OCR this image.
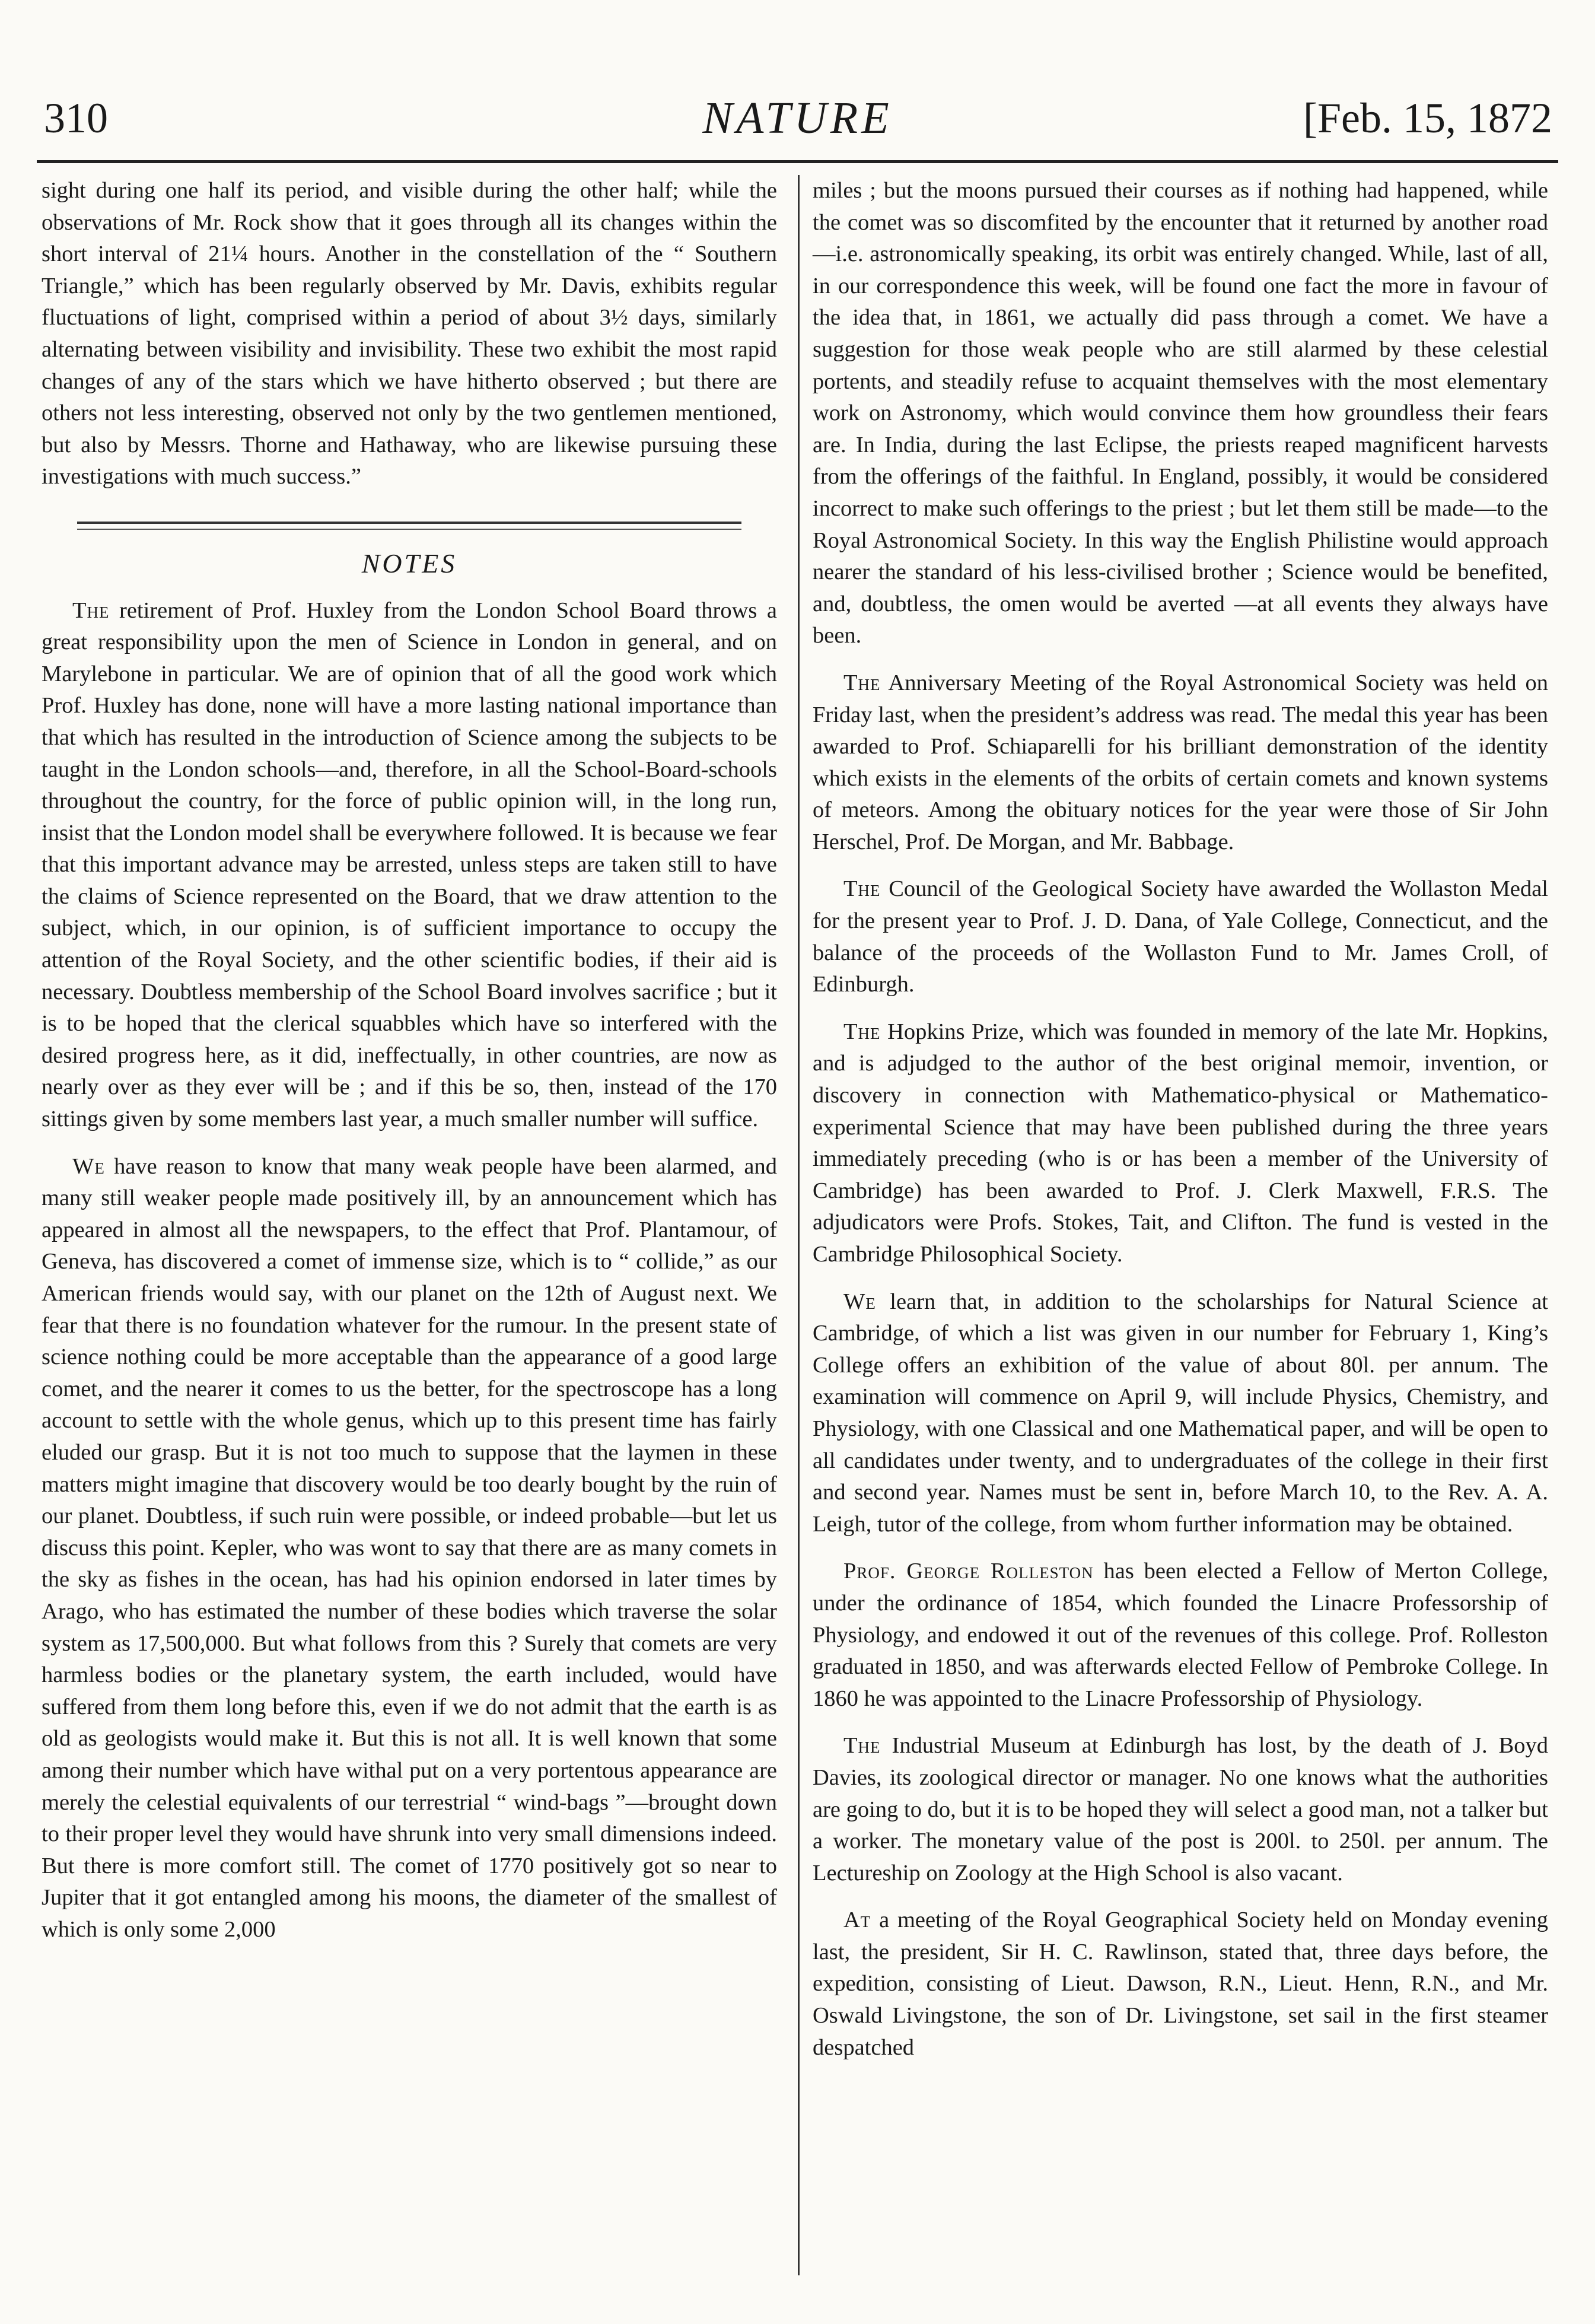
310	NATURE	[Feb. 15, 1872

sight during one half its period, and visible during the other half; while the observations of Mr. Rock show that it goes through all its changes within the short interval of 21¼ hours. Another in the constellation of the “ Southern Triangle,” which has been regularly observed by Mr. Davis, exhibits regular fluctuations of light, comprised within a period of about 3½ days, similarly alternating between visibility and invisibility. These two exhibit the most rapid changes of any of the stars which we have hitherto observed ; but there are others not less interesting, observed not only by the two gentlemen mentioned, but also by Messrs. Thorne and Hathaway, who are likewise pursuing these investigations with much success.”

NOTES

The retirement of Prof. Huxley from the London School Board throws a great responsibility upon the men of Science in London in general, and on Marylebone in particular. We are of opinion that of all the good work which Prof. Huxley has done, none will have a more lasting national importance than that which has resulted in the introduction of Science among the subjects to be taught in the London schools—and, therefore, in all the School-Board-schools throughout the country, for the force of public opinion will, in the long run, insist that the London model shall be everywhere followed. It is because we fear that this important advance may be arrested, unless steps are taken still to have the claims of Science represented on the Board, that we draw attention to the subject, which, in our opinion, is of sufficient importance to occupy the attention of the Royal Society, and the other scientific bodies, if their aid is necessary. Doubtless membership of the School Board involves sacrifice ; but it is to be hoped that the clerical squabbles which have so interfered with the desired progress here, as it did, ineffectually, in other countries, are now as nearly over as they ever will be ; and if this be so, then, instead of the 170 sittings given by some members last year, a much smaller number will suffice.

We have reason to know that many weak people have been alarmed, and many still weaker people made positively ill, by an announcement which has appeared in almost all the newspapers, to the effect that Prof. Plantamour, of Geneva, has discovered a comet of immense size, which is to “ collide,” as our American friends would say, with our planet on the 12th of August next. We fear that there is no foundation whatever for the rumour. In the present state of science nothing could be more acceptable than the appearance of a good large comet, and the nearer it comes to us the better, for the spectroscope has a long account to settle with the whole genus, which up to this present time has fairly eluded our grasp. But it is not too much to suppose that the laymen in these matters might imagine that discovery would be too dearly bought by the ruin of our planet. Doubtless, if such ruin were possible, or indeed probable—but let us discuss this point. Kepler, who was wont to say that there are as many comets in the sky as fishes in the ocean, has had his opinion endorsed in later times by Arago, who has estimated the number of these bodies which traverse the solar system as 17,500,000. But what follows from this ? Surely that comets are very harmless bodies or the planetary system, the earth included, would have suffered from them long before this, even if we do not admit that the earth is as old as geologists would make it. But this is not all. It is well known that some among their number which have withal put on a very portentous appearance are merely the celestial equivalents of our terrestrial “ wind-bags ”—brought down to their proper level they would have shrunk into very small dimensions indeed. But there is more comfort still. The comet of 1770 positively got so near to Jupiter that it got entangled among his moons, the diameter of the smallest of which is only some 2,000

miles ; but the moons pursued their courses as if nothing had happened, while the comet was so discomfited by the encounter that it returned by another road—i.e. astronomically speaking, its orbit was entirely changed. While, last of all, in our correspondence this week, will be found one fact the more in favour of the idea that, in 1861, we actually did pass through a comet. We have a suggestion for those weak people who are still alarmed by these celestial portents, and steadily refuse to acquaint themselves with the most elementary work on Astronomy, which would convince them how groundless their fears are. In India, during the last Eclipse, the priests reaped magnificent harvests from the offerings of the faithful. In England, possibly, it would be considered incorrect to make such offerings to the priest ; but let them still be made—to the Royal Astronomical Society. In this way the English Philistine would approach nearer the standard of his less-civilised brother ; Science would be benefited, and, doubtless, the omen would be averted —at all events they always have been.

The Anniversary Meeting of the Royal Astronomical Society was held on Friday last, when the president’s address was read. The medal this year has been awarded to Prof. Schiaparelli for his brilliant demonstration of the identity which exists in the elements of the orbits of certain comets and known systems of meteors. Among the obituary notices for the year were those of Sir John Herschel, Prof. De Morgan, and Mr. Babbage.

The Council of the Geological Society have awarded the Wollaston Medal for the present year to Prof. J. D. Dana, of Yale College, Connecticut, and the balance of the proceeds of the Wollaston Fund to Mr. James Croll, of Edinburgh.

The Hopkins Prize, which was founded in memory of the late Mr. Hopkins, and is adjudged to the author of the best original memoir, invention, or discovery in connection with Mathematico-physical or Mathematico-experimental Science that may have been published during the three years immediately preceding (who is or has been a member of the University of Cambridge) has been awarded to Prof. J. Clerk Maxwell, F.R.S. The adjudicators were Profs. Stokes, Tait, and Clifton. The fund is vested in the Cambridge Philosophical Society.

We learn that, in addition to the scholarships for Natural Science at Cambridge, of which a list was given in our number for February 1, King’s College offers an exhibition of the value of about 80l. per annum. The examination will commence on April 9, will include Physics, Chemistry, and Physiology, with one Classical and one Mathematical paper, and will be open to all candidates under twenty, and to undergraduates of the college in their first and second year. Names must be sent in, before March 10, to the Rev. A. A. Leigh, tutor of the college, from whom further information may be obtained.

Prof. George Rolleston has been elected a Fellow of Merton College, under the ordinance of 1854, which founded the Linacre Professorship of Physiology, and endowed it out of the revenues of this college. Prof. Rolleston graduated in 1850, and was afterwards elected Fellow of Pembroke College. In 1860 he was appointed to the Linacre Professorship of Physiology.

The Industrial Museum at Edinburgh has lost, by the death of J. Boyd Davies, its zoological director or manager. No one knows what the authorities are going to do, but it is to be hoped they will select a good man, not a talker but a worker. The monetary value of the post is 200l. to 250l. per annum. The Lectureship on Zoology at the High School is also vacant.

At a meeting of the Royal Geographical Society held on Monday evening last, the president, Sir H. C. Rawlinson, stated that, three days before, the expedition, consisting of Lieut. Dawson, R.N., Lieut. Henn, R.N., and Mr. Oswald Livingstone, the son of Dr. Livingstone, set sail in the first steamer despatched
